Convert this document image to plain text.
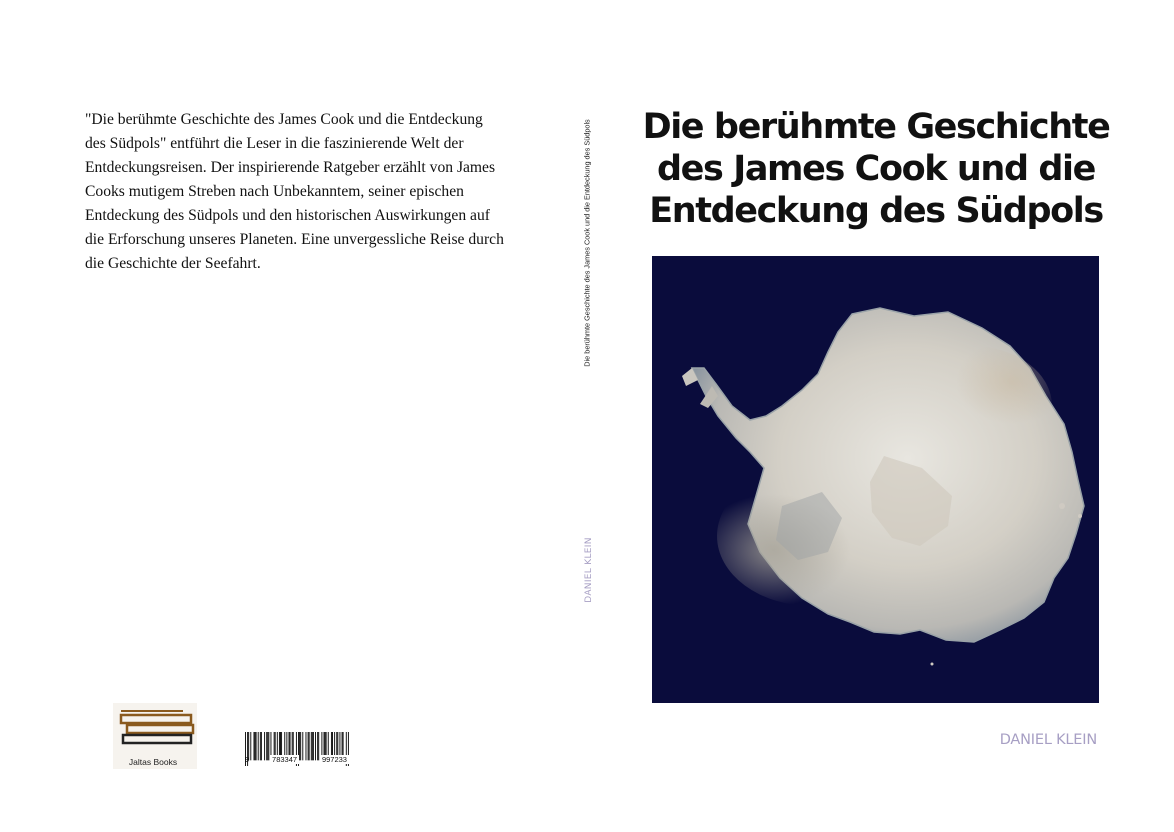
"Die berühmte Geschichte des James Cook und die Entdeckung des Südpols" entführt die Leser in die faszinierende Welt der Entdeckungsreisen. Der inspirierende Ratgeber erzählt von James Cooks mutigem Streben nach Unbekanntem, seiner epischen Entdeckung des Südpols und den historischen Auswirkungen auf die Erforschung unseres Planeten. Eine unvergessliche Reise durch die Geschichte der Seefahrt.

Jaltas Books	9	783347	997233
Die berühmte Geschichte des James Cook und die Entdeckung des Südpols
DANIEL KLEIN
Die berühmte Geschichte des James Cook und die Entdeckung des Südpols
DANIEL KLEIN
